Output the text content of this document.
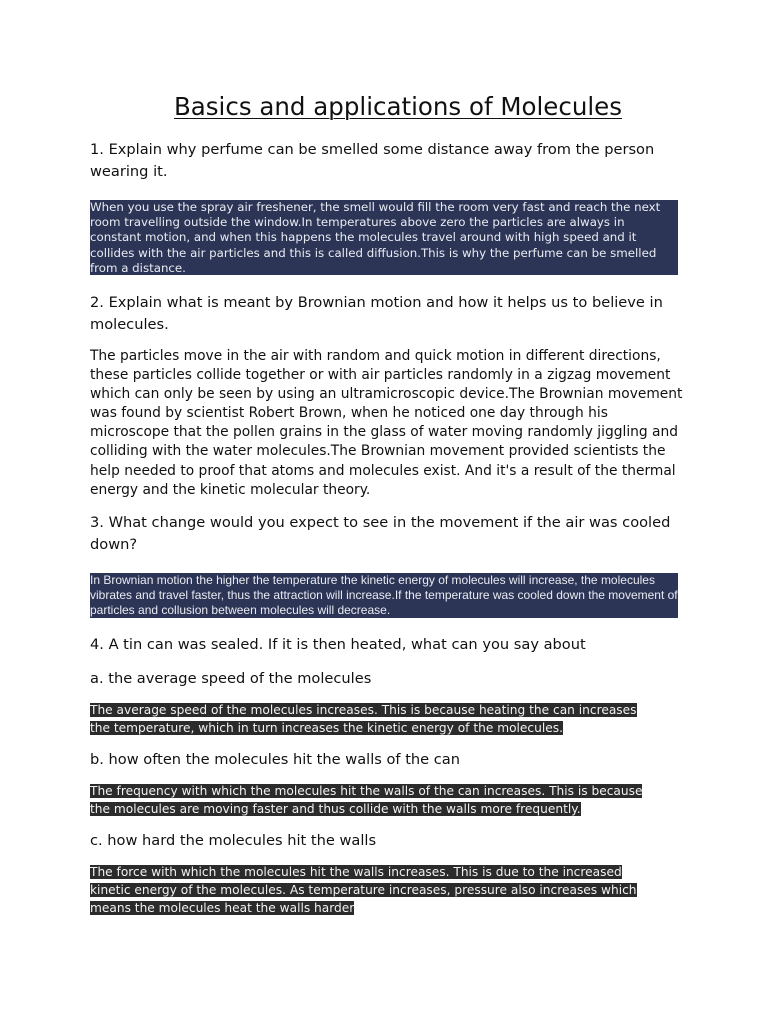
Basics and applications of Molecules
1. Explain why perfume can be smelled some distance away from the person wearing it.
When you use the spray air freshener, the smell would fill the room very fast and reach the next room travelling outside the window.In temperatures above zero the particles are always in constant motion, and when this happens the molecules travel around with high speed and it collides with the air particles and this is called diffusion.This is why the perfume can be smelled from a distance.
2. Explain what is meant by Brownian motion and how it helps us to believe in molecules.
The particles move in the air with random and quick motion in different directions, these particles collide together or with air particles randomly in a zigzag movement which can only be seen by using an ultramicroscopic device.The Brownian movement was found by scientist Robert Brown, when he noticed one day through his microscope that the pollen grains in the glass of water moving randomly jiggling and colliding with the water molecules.The Brownian movement provided scientists the help needed to proof that atoms and molecules exist. And it's a result of the thermal energy and the kinetic molecular theory.
3. What change would you expect to see in the movement if the air was cooled down?
In Brownian motion the higher the temperature the kinetic energy of molecules will increase, the molecules vibrates and travel faster, thus the attraction will increase.If the temperature was cooled down the movement of particles and collusion between molecules will decrease.
4. A tin can was sealed. If it is then heated, what can you say about
a. the average speed of the molecules
The average speed of the molecules increases. This is because heating the can increases the temperature, which in turn increases the kinetic energy of the molecules.
b. how often the molecules hit the walls of the can
The frequency with which the molecules hit the walls of the can increases. This is because the molecules are moving faster and thus collide with the walls more frequently.
c. how hard the molecules hit the walls
The force with which the molecules hit the walls increases. This is due to the increased kinetic energy of the molecules. As temperature increases, pressure also increases which means the molecules heat the walls harder
